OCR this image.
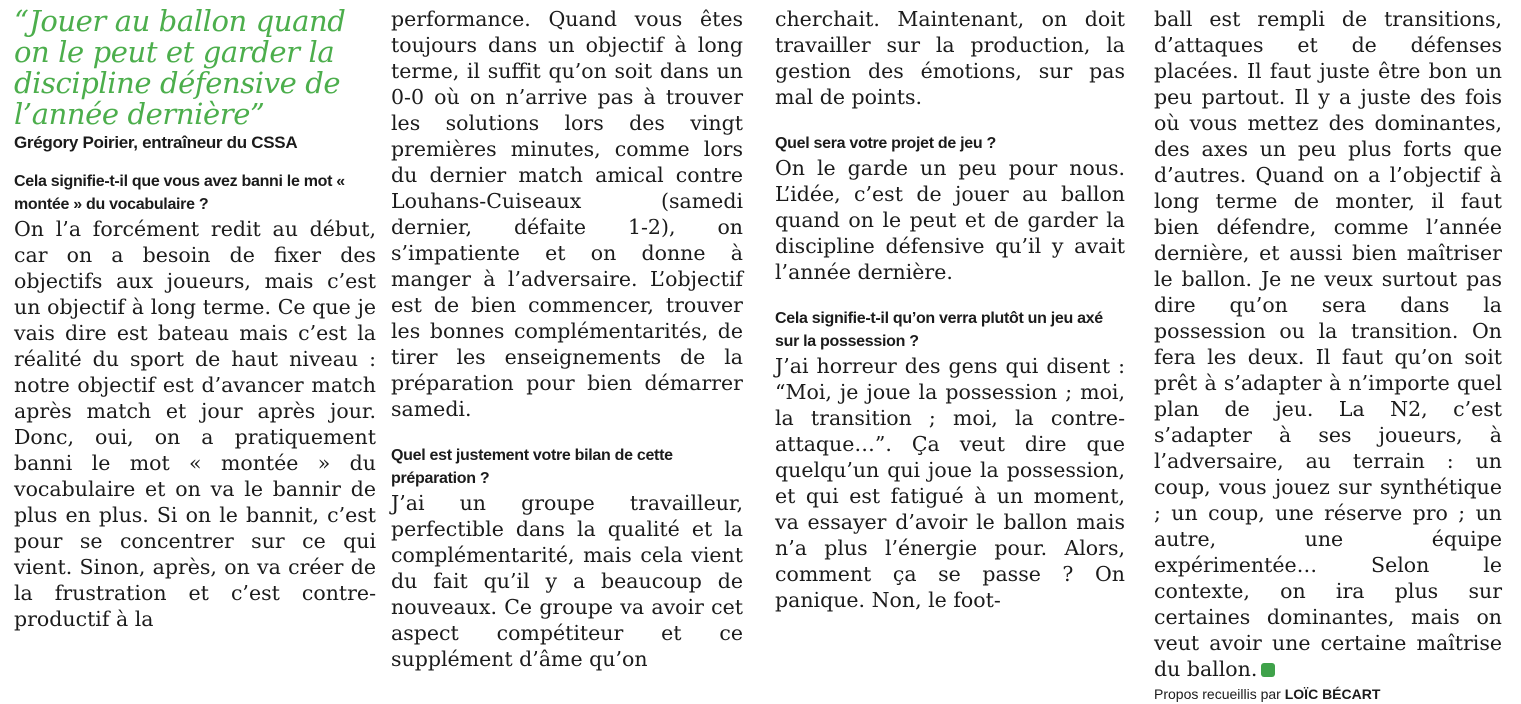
“Jouer au ballon quand on le peut et garder la discipline défensive de l’année dernière”

Grégory Poirier, entraîneur du CSSA
Cela signifie-t-il que vous avez banni le mot « montée » du vocabulaire ?
On l’a forcément redit au début, car on a besoin de fixer des objectifs aux joueurs, mais c’est un objectif à long terme. Ce que je vais dire est bateau mais c’est la réalité du sport de haut niveau : notre objectif est d’avancer match après match et jour après jour. Donc, oui, on a pratiquement banni le mot « montée » du vocabulaire et on va le bannir de plus en plus. Si on le bannit, c’est pour se concentrer sur ce qui vient. Sinon, après, on va créer de la frustration et c’est contre-productif à la
performance. Quand vous êtes toujours dans un objectif à long terme, il suffit qu’on soit dans un 0-0 où on n’arrive pas à trouver les solutions lors des vingt premières minutes, comme lors du dernier match amical contre Louhans-Cuiseaux (samedi dernier, défaite 1-2), on s’impatiente et on donne à manger à l’adversaire. L’objectif est de bien commencer, trouver les bonnes complémentarités, de tirer les enseignements de la préparation pour bien démarrer samedi.
Quel est justement votre bilan de cette préparation ?
J’ai un groupe travailleur, perfectible dans la qualité et la complémentarité, mais cela vient du fait qu’il y a beaucoup de nouveaux. Ce groupe va avoir cet aspect compétiteur et ce supplément d’âme qu’on
cherchait. Maintenant, on doit travailler sur la production, la gestion des émotions, sur pas mal de points.
Quel sera votre projet de jeu ?
On le garde un peu pour nous. L’idée, c’est de jouer au ballon quand on le peut et de garder la discipline défensive qu’il y avait l’année dernière.
Cela signifie-t-il qu’on verra plutôt un jeu axé sur la possession ?
J’ai horreur des gens qui disent : “Moi, je joue la possession ; moi, la transition ; moi, la contre-attaque…”. Ça veut dire que quelqu’un qui joue la possession, et qui est fatigué à un moment, va essayer d’avoir le ballon mais n’a plus l’énergie pour. Alors, comment ça se passe ? On panique. Non, le foot-
ball est rempli de transitions, d’attaques et de défenses placées. Il faut juste être bon un peu partout. Il y a juste des fois où vous mettez des dominantes, des axes un peu plus forts que d’autres. Quand on a l’objectif à long terme de monter, il faut bien défendre, comme l’année dernière, et aussi bien maîtriser le ballon. Je ne veux surtout pas dire qu’on sera dans la possession ou la transition. On fera les deux. Il faut qu’on soit prêt à s’adapter à n’importe quel plan de jeu. La N2, c’est s’adapter à ses joueurs, à l’adversaire, au terrain : un coup, vous jouez sur synthétique ; un coup, une réserve pro ; un autre, une équipe expérimentée… Selon le contexte, on ira plus sur certaines dominantes, mais on veut avoir une certaine maîtrise du ballon.
Propos recueillis par LOÏC BÉCART
